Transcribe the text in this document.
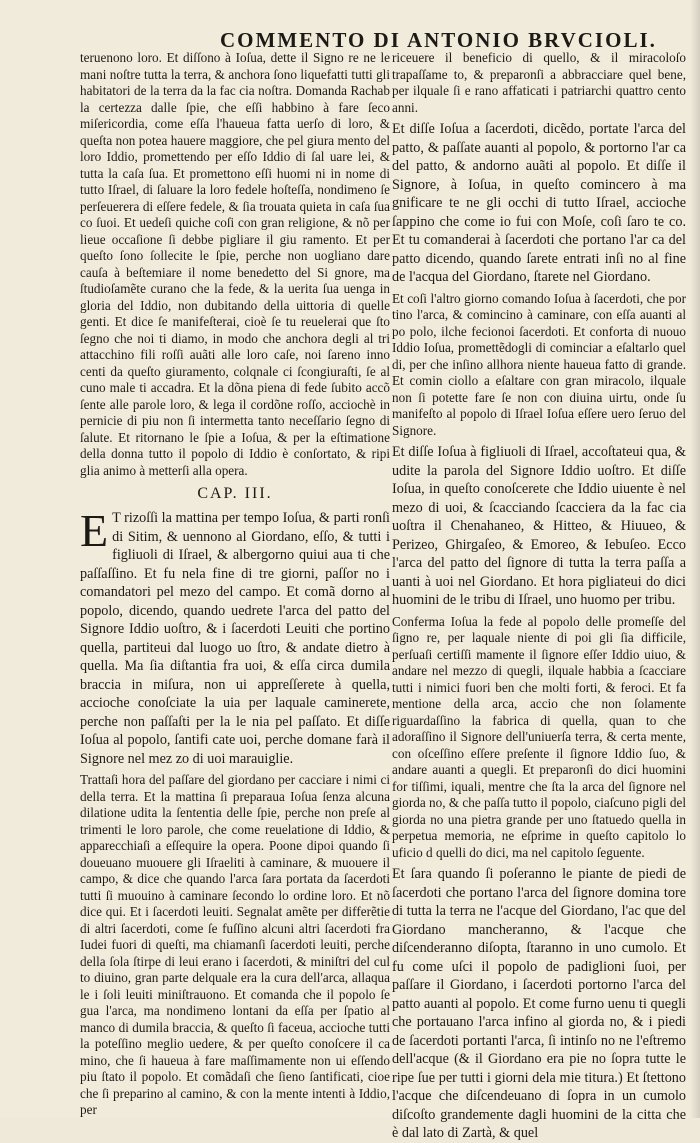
COMMENTO DI ANTONIO BRVCIOLI.

teruenono loro. Et diſſono à Ioſua, dette il Signo re ne le mani noſtre tutta la terra, & anchora ſono liquefatti tutti gli habitatori de la terra da la fac cia noſtra. Domanda Rachab la certezza dalle ſpie, che eſſi habbino à fare ſeco miſericordia, come eſſa l'haueua fatta uerſo di loro, & queſta non potea hauere maggiore, che pel giura mento del loro Iddio, promettendo per eſſo Iddio di ſal uare lei, & tutta la caſa ſua. Et promettono eſſi huomi ni in nome di tutto Iſrael, di ſaluare la loro fedele hoſteſſa, nondimeno ſe perſeuerera di eſſere fedele, & ſia trouata quieta in caſa ſua co ſuoi. Et uedeſi quiche coſi con gran religione, & nõ per lieue occaſione ſi debbe pigliare il giu ramento. Et per queſto ſono ſollecite le ſpie, perche non uogliano dare cauſa à beſtemiare il nome benedetto del Si gnore, ma ſtudioſamẽte curano che la fede, & la uerita ſua uenga in gloria del Iddio, non dubitando della uittoria di quelle genti. Et dice ſe manifeſterai, cioè ſe tu reuelerai que ſto ſegno che noi ti diamo, in modo che anchora degli al tri attacchino fili roſſi auãti alle loro caſe, noi ſareno inno centi da queſto giuramento, colqnale ci ſcongiuraſti, ſe al cuno male ti accadra. Et la dõna piena di fede ſubito accõ ſente alle parole loro, & lega il cordõne roſſo, acciochè in pernicie di piu non ſi intermetta tanto neceſſario ſegno di ſalute. Et ritornano le ſpie a Ioſua, & per la eſtimatione della donna tutto il popolo di Iddio è conſortato, & ripi glia animo à metterſi alla opera.

CAP. III.

E T rizoſſi la mattina per tempo Ioſua, & parti ronſi di Sitim, & uennono al Giordano, eſſo, & tutti i figliuoli di Iſrael, & albergorno quiui aua ti che paſſaſſino. Et fu nela fine di tre giorni, paſſor no i comandatori pel mezo del campo. Et comã dorno al popolo, dicendo, quando uedrete l'arca del patto del Signore Iddio uoſtro, & i ſacerdoti Leuiti che portino quella, partiteui dal luogo uo ſtro, & andate dietro à quella. Ma ſia diſtantia fra uoi, & eſſa circa dumila braccia in miſura, non ui appreſſerete à quella, accioche conoſciate la uia per laquale caminerete, perche non paſſaſti per la le nia pel paſſato. Et diſſe Ioſua al popolo, ſantifi cate uoi, perche domane farà il Signore nel mez zo di uoi marauiglie.

Trattaſi hora del paſſare del giordano per cacciare i nimi ci della terra. Et la mattina ſi preparaua Ioſua ſenza alcuna dilatione udita la ſententia delle ſpie, perche non preſe al trimenti le loro parole, che come reuelatione di Iddio, & apparecchiaſi a eſſequire la opera. Poone dipoi quando ſi doueuano muouere gli Iſraeliti à caminare, & muouere il campo, & dice che quando l'arca ſara portata da ſacerdoti tutti ſi muouino à caminare ſecondo lo ordine loro. Et nõ dice qui. Et i ſacerdoti leuiti. Segnalat amẽte per differẽtie di altri ſacerdoti, come ſe fuſſino alcuni altri ſacerdoti fra Iudei fuori di queſti, ma chiamanſi ſacerdoti leuiti, perche della ſola ſtirpe di leui erano i ſacerdoti, & miniſtri del cul to diuino, gran parte delquale era la cura dell'arca, allaqua le i ſoli leuiti miniſtrauono. Et comanda che il popolo ſe gua l'arca, ma nondimeno lontani da eſſa per ſpatio al manco di dumila braccia, & queſto ſi faceua, accioche tutti la poteſſino meglio uedere, & per queſto conoſcere il ca mino, che ſi haueua à fare maſſimamente non ui eſſendo piu ſtato il popolo. Et comãdaſi che ſieno ſantificati, cioe che ſi preparino al camino, & con la mente intenti à Iddio, per

riceuere il beneficio di quello, & il miracoloſo trapaſſame to, & preparonſi a abbracciare quel bene, per ilquale ſi e rano affaticati i patriarchi quattro cento anni.

Et diſſe Ioſua a ſacerdoti, dicẽdo, portate l'arca del patto, & paſſate auanti al popolo, & portorno l'ar ca del patto, & andorno auãti al popolo. Et diſſe il Signore, à Ioſua, in queſto comincero à ma gnificare te ne gli occhi di tutto Iſrael, accioche ſappino che come io fui con Moſe, coſi ſaro te co. Et tu comanderai à ſacerdoti che portano l'ar ca del patto dicendo, quando ſarete entrati inſi no al fine de l'acqua del Giordano, ſtarete nel Giordano.

Et coſi l'altro giorno comando Ioſua à ſacerdoti, che por tino l'arca, & comincino à caminare, con eſſa auanti al po polo, ilche fecionoi ſacerdoti. Et conforta di nuouo Iddio Ioſua, promettẽdogli di cominciar a eſaltarlo quel di, per che inſino allhora niente haueua fatto di grande. Et comin ciollo a eſaltare con gran miracolo, ilquale non ſi potette fare ſe non con diuina uirtu, onde ſu manifeſto al popolo di Iſrael Ioſua eſſere uero ſeruo del Signore.

Et diſſe Ioſua à figliuoli di Iſrael, accoſtateui qua, & udite la parola del Signore Iddio uoſtro. Et diſſe Ioſua, in queſto conoſcerete che Iddio uiuente è nel mezo di uoi, & ſcacciando ſcacciera da la fac cia uoſtra il Chenahaneo, & Hitteo, & Hiuueo, & Perizeo, Ghirgaſeo, & Emoreo, & Iebuſeo. Ecco l'arca del patto del ſignore di tutta la terra paſſa a uanti à uoi nel Giordano. Et hora pigliateui do dici huomini de le tribu di Iſrael, uno huomo per tribu.

Conferma Ioſua la fede al popolo delle promeſſe del ſigno re, per laquale niente di poi gli ſia difficile, perſuaſi certiſſi mamente il ſignore eſſer Iddio uiuo, & andare nel mezzo di quegli, ilquale habbia a ſcacciare tutti i nimici fuori ben che molti forti, & feroci. Et fa mentione della arca, accio che non ſolamente riguardaſſino la fabrica di quella, quan to che adoraſſino il Signore dell'uniuerſa terra, & certa mente, con oſceſſino eſſere preſente il ſignore Iddio ſuo, & andare auanti a quegli. Et preparonſi do dici huomini for tiſſimi, iquali, mentre che ſta la arca del ſignore nel giorda no, & che paſſa tutto il popolo, ciaſcuno pigli del giorda no una pietra grande per uno ſtatuedo quella in perpetua memoria, ne eſprime in queſto capitolo lo uficio d quelli do dici, ma nel capitolo ſeguente.

Et ſara quando ſi poſeranno le piante de piedi de ſacerdoti che portano l'arca del ſignore domina tore di tutta la terra ne l'acque del Giordano, l'ac que del Giordano mancheranno, & l'acque che diſcenderanno diſopta, ſtaranno in uno cumolo. Et fu come uſci il popolo de padiglioni ſuoi, per paſſare il Giordano, i ſacerdoti portorno l'arca del patto auanti al popolo. Et come furno uenu ti quegli che portauano l'arca infino al giorda no, & i piedi de ſacerdoti portanti l'arca, ſi intinſo no ne l'eſtremo dell'acque (& il Giordano era pie no ſopra tutte le ripe ſue per tutti i giorni dela mie titura.) Et ſtettono l'acque che diſcendeuano di ſopra in un cumolo diſcoſto grandemente dagli huomini de la citta che è dal lato di Zartà, & quel
